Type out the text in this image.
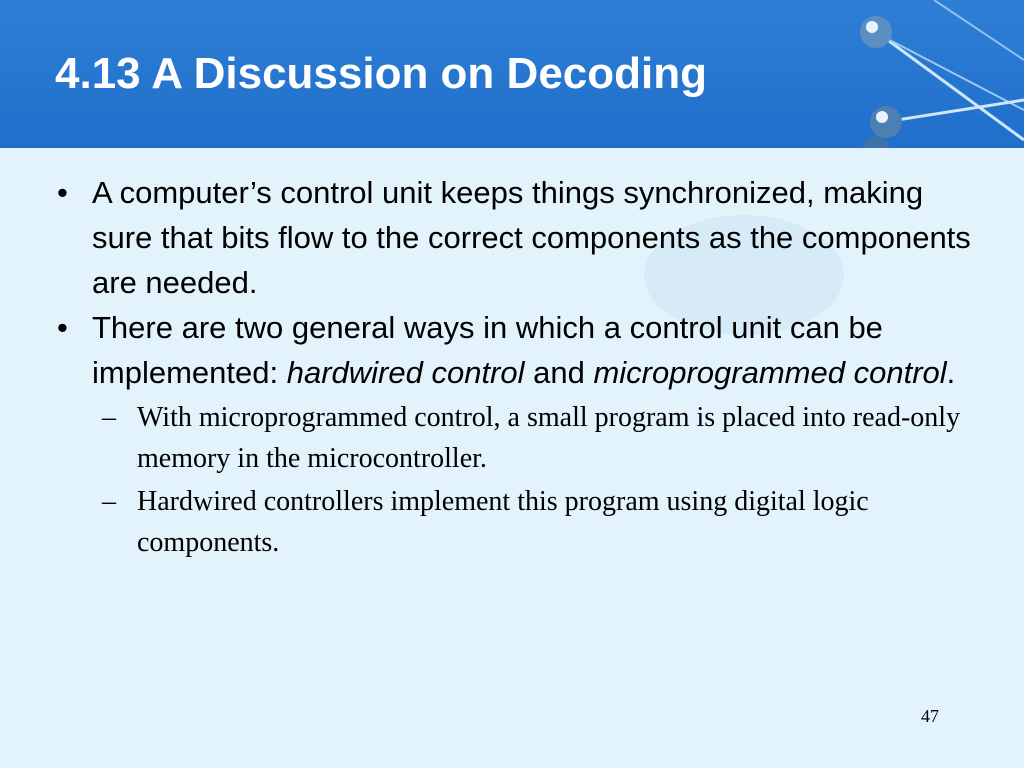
4.13 A Discussion on Decoding
• A computer’s control unit keeps things synchronized, making sure that bits flow to the correct components as the components are needed.
• There are two general ways in which a control unit can be implemented: hardwired control and microprogrammed control.
– With microprogrammed control, a small program is placed into read-only memory in the microcontroller.
– Hardwired controllers implement this program using digital logic components.
47
